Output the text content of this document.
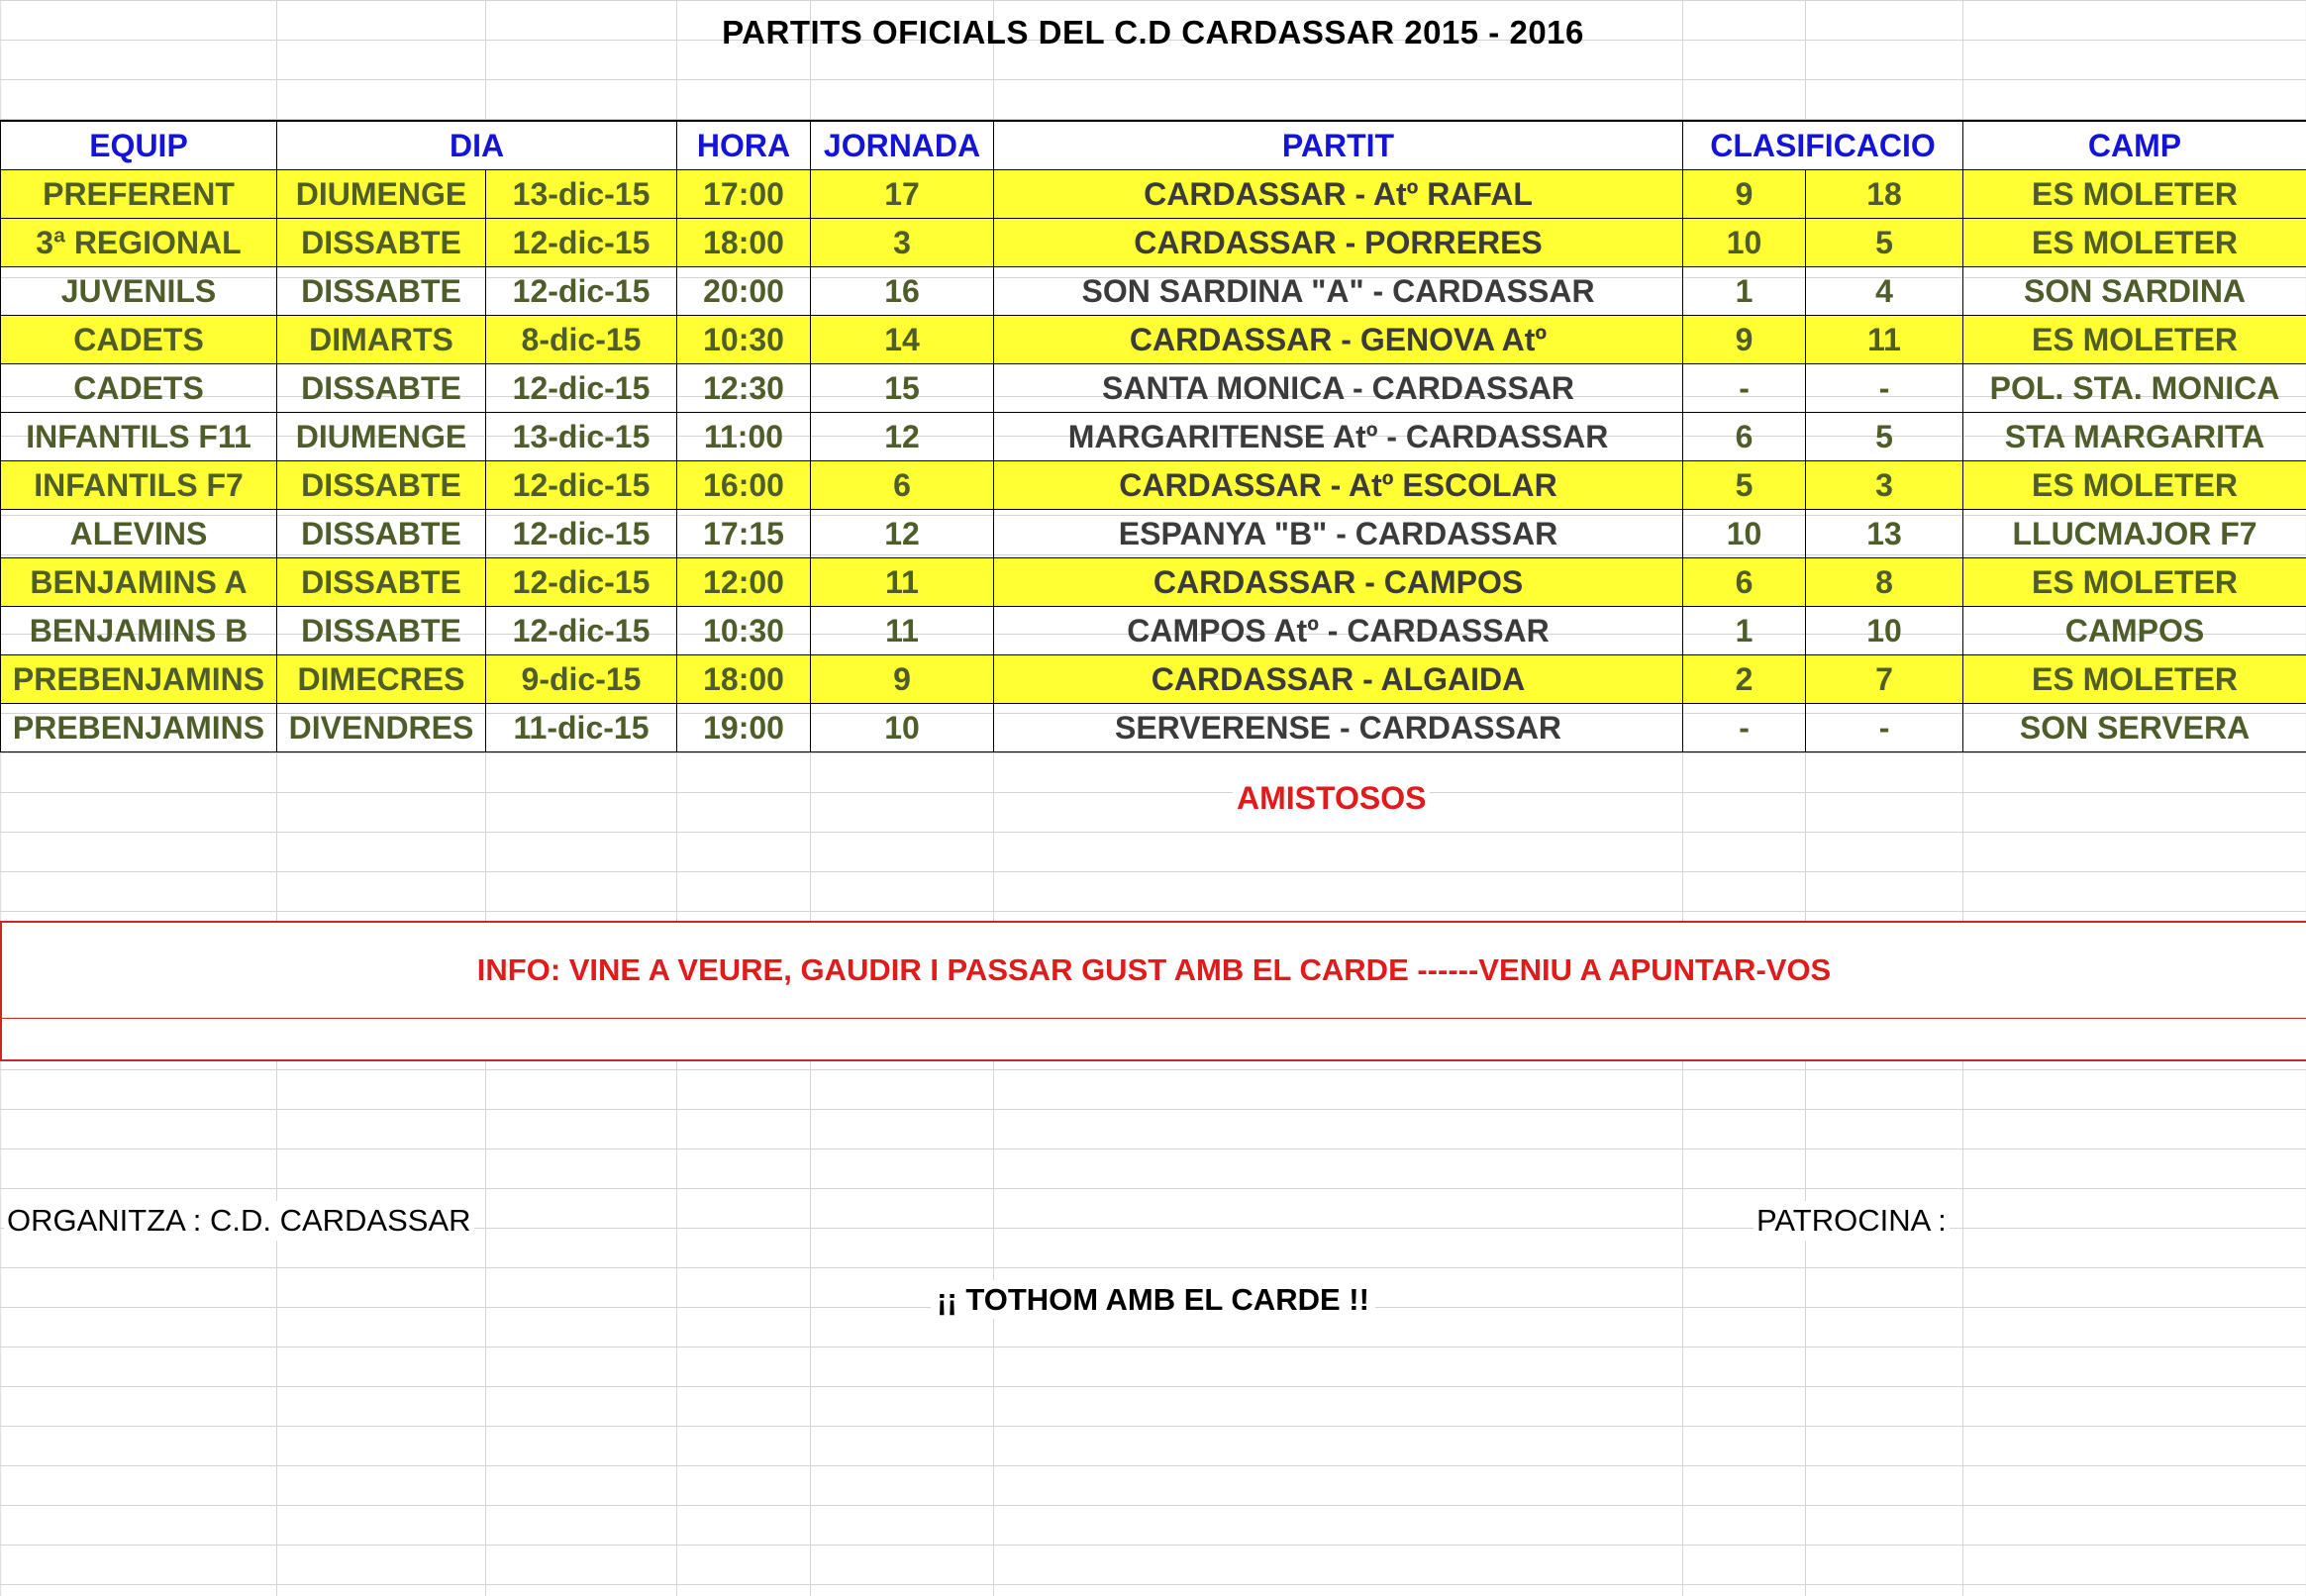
PARTITS OFICIALS DEL C.D CARDASSAR 2015 - 2016
EQUIP	DIA		HORA	JORNADA	PARTIT	CLASIFICACIO		CAMP
PREFERENT	DIUMENGE	13-dic-15	17:00	17	CARDASSAR - Atº RAFAL	9	18	ES MOLETER
3ª REGIONAL	DISSABTE	12-dic-15	18:00	3	CARDASSAR - PORRERES	10	5	ES MOLETER
JUVENILS	DISSABTE	12-dic-15	20:00	16	SON SARDINA "A" - CARDASSAR	1	4	SON SARDINA
CADETS	DIMARTS	8-dic-15	10:30	14	CARDASSAR - GENOVA Atº	9	11	ES MOLETER
CADETS	DISSABTE	12-dic-15	12:30	15	SANTA MONICA - CARDASSAR	-	-	POL. STA. MONICA
INFANTILS F11	DIUMENGE	13-dic-15	11:00	12	MARGARITENSE Atº - CARDASSAR	6	5	STA MARGARITA
INFANTILS F7	DISSABTE	12-dic-15	16:00	6	CARDASSAR - Atº ESCOLAR	5	3	ES MOLETER
ALEVINS	DISSABTE	12-dic-15	17:15	12	ESPANYA "B" - CARDASSAR	10	13	LLUCMAJOR F7
BENJAMINS A	DISSABTE	12-dic-15	12:00	11	CARDASSAR - CAMPOS	6	8	ES MOLETER
BENJAMINS B	DISSABTE	12-dic-15	10:30	11	CAMPOS Atº - CARDASSAR	1	10	CAMPOS
PREBENJAMINS	DIMECRES	9-dic-15	18:00	9	CARDASSAR - ALGAIDA	2	7	ES MOLETER
PREBENJAMINS	DIVENDRES	11-dic-15	19:00	10	SERVERENSE - CARDASSAR	-	-	SON SERVERA
AMISTOSOS
INFO: VINE A VEURE, GAUDIR I PASSAR GUST AMB EL CARDE ------VENIU A APUNTAR-VOS
ORGANITZA : C.D. CARDASSAR	PATROCINA :
¡¡ TOTHOM AMB EL CARDE !!
